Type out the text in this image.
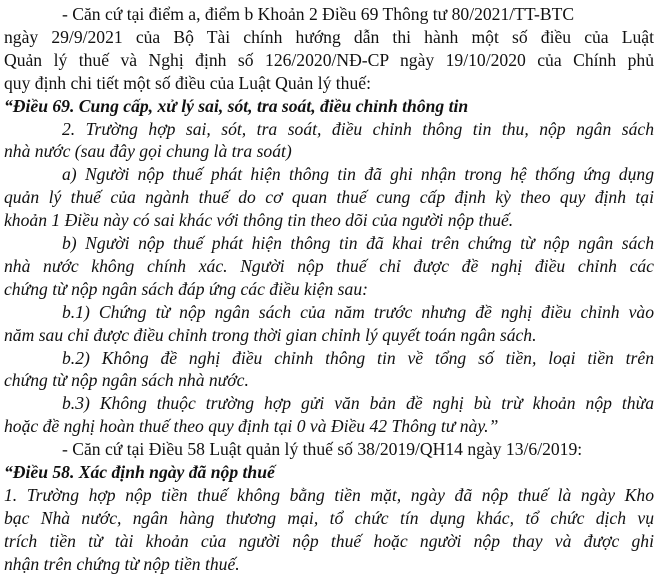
- Căn cứ tại điểm a, điểm b Khoản 2 Điều 69 Thông tư 80/2021/TT-BTC
ngày 29/9/2021 của Bộ Tài chính hướng dẫn thi hành một số điều của Luật
Quản lý thuế và Nghị định số 126/2020/NĐ-CP ngày 19/10/2020 của Chính phủ
quy định chi tiết một số điều của Luật Quản lý thuế:
“Điều 69. Cung cấp, xử lý sai, sót, tra soát, điều chỉnh thông tin
2. Trường hợp sai, sót, tra soát, điều chỉnh thông tin thu, nộp ngân sách
nhà nước (sau đây gọi chung là tra soát)
a) Người nộp thuế phát hiện thông tin đã ghi nhận trong hệ thống ứng dụng
quản lý thuế của ngành thuế do cơ quan thuế cung cấp định kỳ theo quy định tại
khoản 1 Điều này có sai khác với thông tin theo dõi của người nộp thuế.
b) Người nộp thuế phát hiện thông tin đã khai trên chứng từ nộp ngân sách
nhà nước không chính xác. Người nộp thuế chỉ được đề nghị điều chỉnh các
chứng từ nộp ngân sách đáp ứng các điều kiện sau:
b.1) Chứng từ nộp ngân sách của năm trước nhưng đề nghị điều chỉnh vào
năm sau chỉ được điều chỉnh trong thời gian chỉnh lý quyết toán ngân sách.
b.2) Không đề nghị điều chỉnh thông tin về tổng số tiền, loại tiền trên
chứng từ nộp ngân sách nhà nước.
b.3) Không thuộc trường hợp gửi văn bản đề nghị bù trừ khoản nộp thừa
hoặc đề nghị hoàn thuế theo quy định tại 0 và Điều 42 Thông tư này.”
- Căn cứ tại Điều 58 Luật quản lý thuế số 38/2019/QH14 ngày 13/6/2019:
“Điều 58. Xác định ngày đã nộp thuế
1. Trường hợp nộp tiền thuế không bằng tiền mặt, ngày đã nộp thuế là ngày Kho
bạc Nhà nước, ngân hàng thương mại, tổ chức tín dụng khác, tổ chức dịch vụ
trích tiền từ tài khoản của người nộp thuế hoặc người nộp thay và được ghi
nhận trên chứng từ nộp tiền thuế.
